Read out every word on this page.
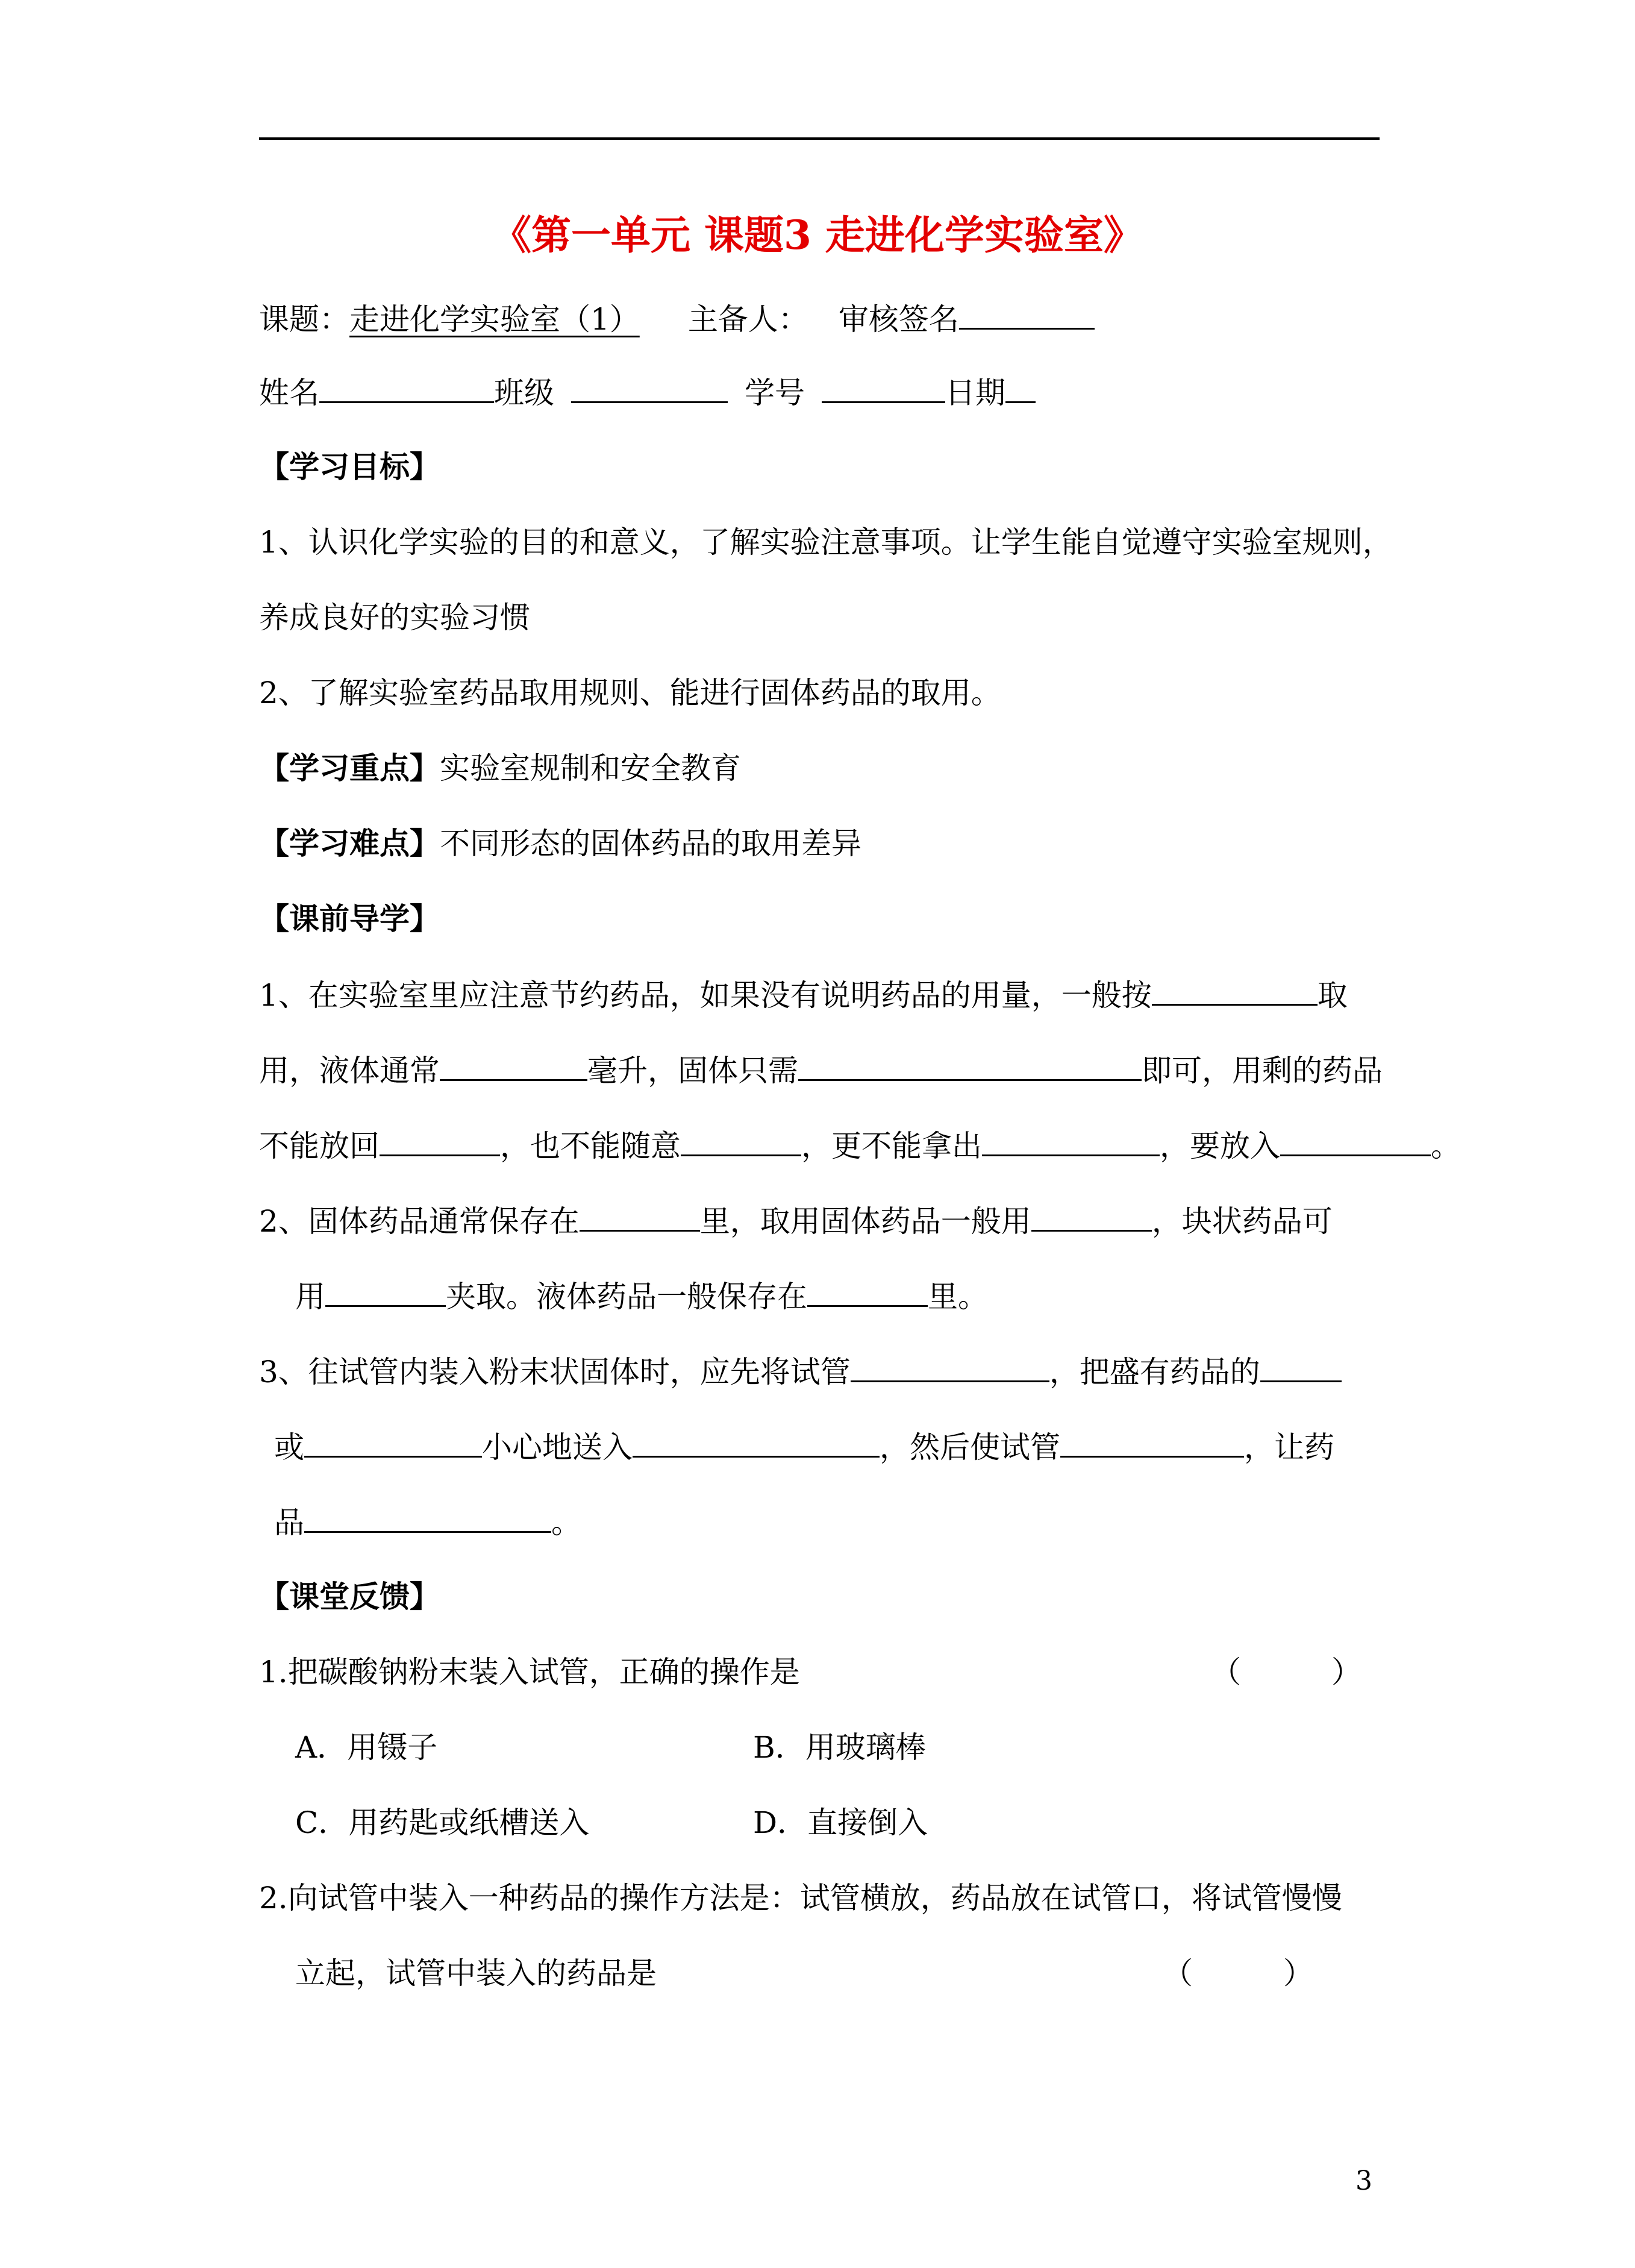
《第一单元 课题3 走进化学实验室》
课题：走进化学实验室（1） 主备人： 审核签名
姓名	班级	学号	日期
【学习目标】
1、认识化学实验的目的和意义，了解实验注意事项。让学生能自觉遵守实验室规则，
养成良好的实验习惯
2、了解实验室药品取用规则、能进行固体药品的取用。
【学习重点】实验室规制和安全教育
【学习难点】不同形态的固体药品的取用差异
【课前导学】
1、在实验室里应注意节约药品，如果没有说明药品的用量，一般按	取
用，液体通常	毫升，固体只需	即可，用剩的药品
不能放回	，也不能随意	，更不能拿出	，要放入	。
2、固体药品通常保存在	里，取用固体药品一般用	，块状药品可
用	夹取。液体药品一般保存在	里。
3、往试管内装入粉末状固体时，应先将试管	，把盛有药品的
或	小心地送入	，然后使试管	，让药
品	。
【课堂反馈】
1.把碳酸钠粉末装入试管，正确的操作是	（　　　）
A．用镊子	B．用玻璃棒
C．用药匙或纸槽送入	D．直接倒入
2.向试管中装入一种药品的操作方法是：试管横放，药品放在试管口，将试管慢慢
立起，试管中装入的药品是	（　　　）
3
